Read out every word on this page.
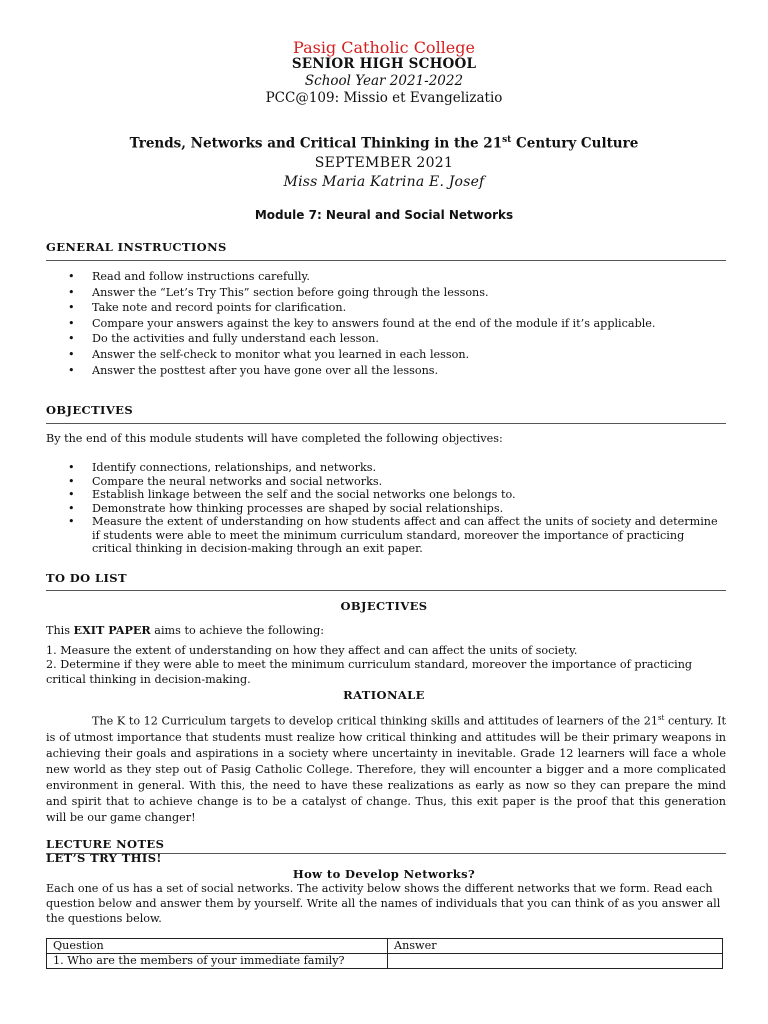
Pasig Catholic College
SENIOR HIGH SCHOOL
School Year 2021-2022
PCC@109: Missio et Evangelizatio
Trends, Networks and Critical Thinking in the 21st Century Culture
SEPTEMBER 2021
Miss Maria Katrina E. Josef
Module 7: Neural and Social Networks
GENERAL INSTRUCTIONS
• Read and follow instructions carefully.
• Answer the “Let’s Try This” section before going through the lessons.
• Take note and record points for clarification.
• Compare your answers against the key to answers found at the end of the module if it’s applicable.
• Do the activities and fully understand each lesson.
• Answer the self-check to monitor what you learned in each lesson.
• Answer the posttest after you have gone over all the lessons.
OBJECTIVES
By the end of this module students will have completed the following objectives:
• Identify connections, relationships, and networks.
• Compare the neural networks and social networks.
• Establish linkage between the self and the social networks one belongs to.
• Demonstrate how thinking processes are shaped by social relationships.
• Measure the extent of understanding on how students affect and can affect the units of society and determine if students were able to meet the minimum curriculum standard, moreover the importance of practicing critical thinking in decision-making through an exit paper.
TO DO LIST
OBJECTIVES
This EXIT PAPER aims to achieve the following:
1. Measure the extent of understanding on how they affect and can affect the units of society.
2. Determine if they were able to meet the minimum curriculum standard, moreover the importance of practicing critical thinking in decision-making.
RATIONALE
The K to 12 Curriculum targets to develop critical thinking skills and attitudes of learners of the 21st century. It is of utmost importance that students must realize how critical thinking and attitudes will be their primary weapons in achieving their goals and aspirations in a society where uncertainty in inevitable. Grade 12 learners will face a whole new world as they step out of Pasig Catholic College. Therefore, they will encounter a bigger and a more complicated environment in general. With this, the need to have these realizations as early as now so they can prepare the mind and spirit that to achieve change is to be a catalyst of change. Thus, this exit paper is the proof that this generation will be our game changer!
LECTURE NOTES
LET’S TRY THIS!
How to Develop Networks?
Each one of us has a set of social networks. The activity below shows the different networks that we form. Read each question below and answer them by yourself. Write all the names of individuals that you can think of as you answer all the questions below.
Question	Answer
1. Who are the members of your immediate family?	
